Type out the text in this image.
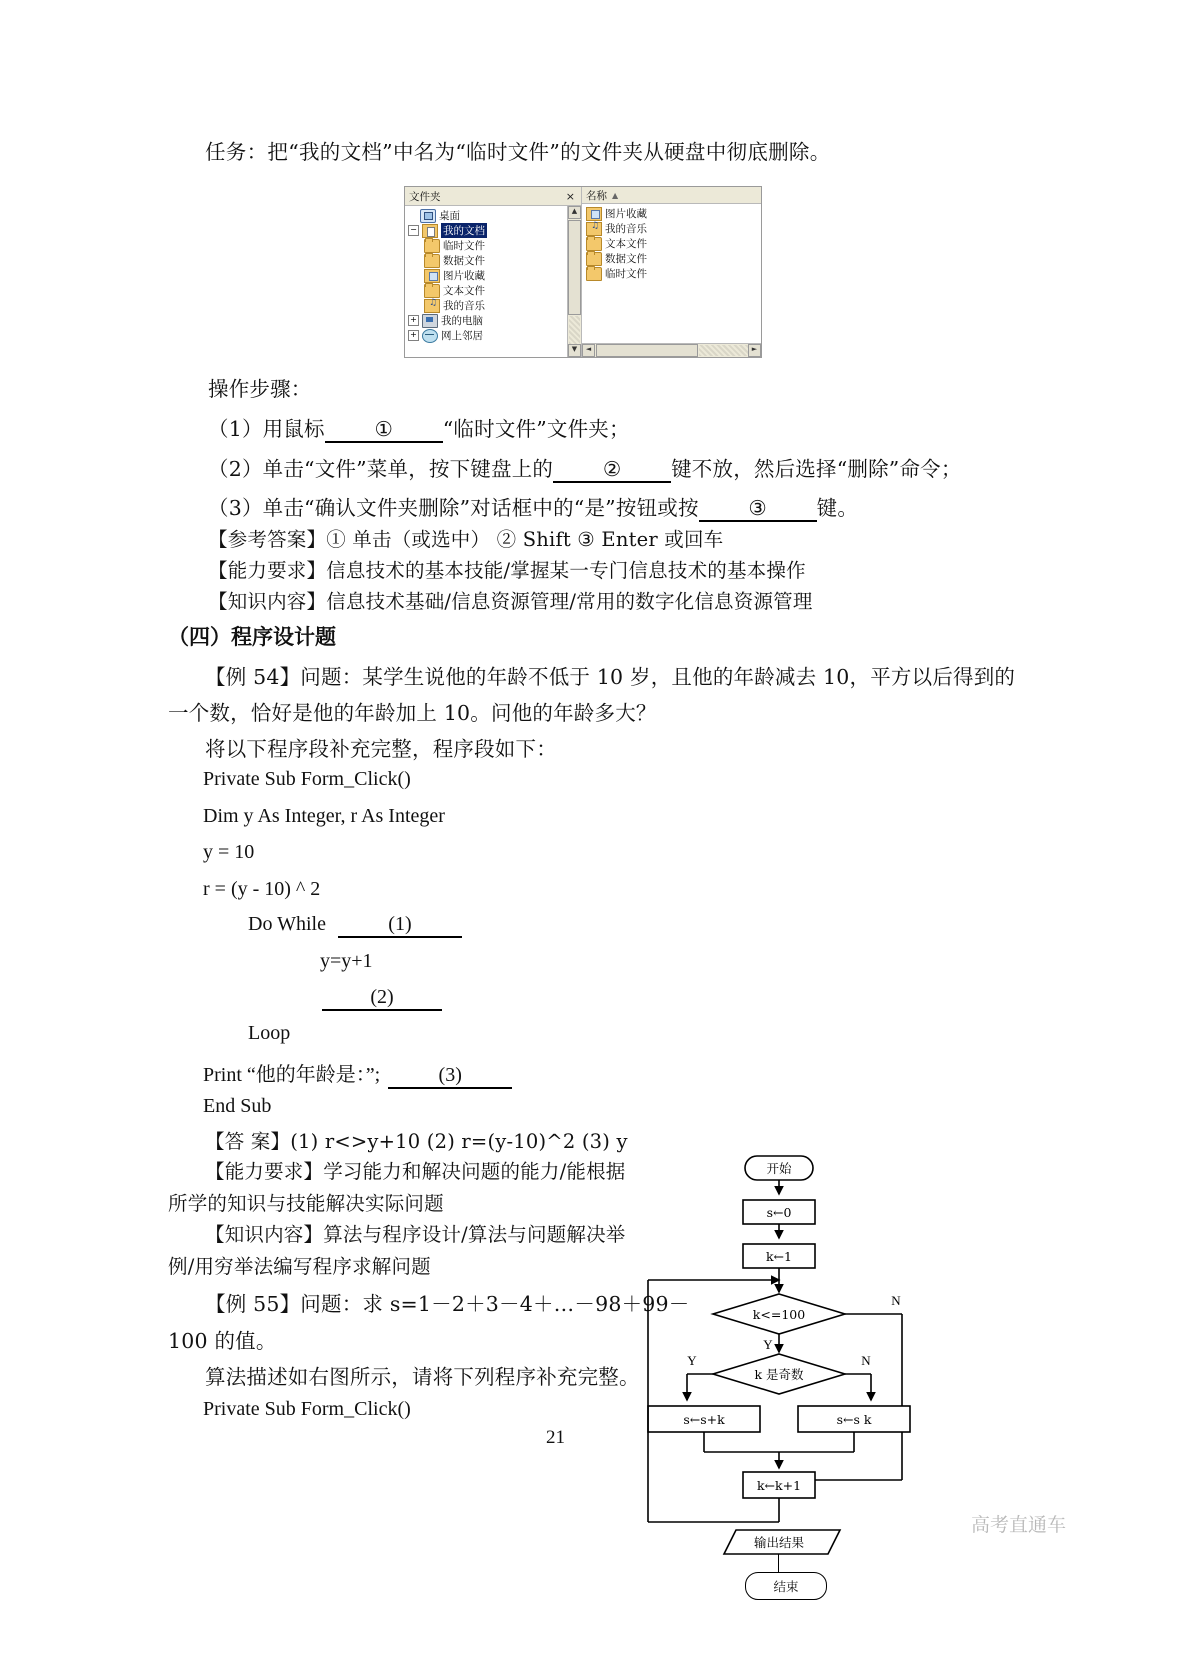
任务：把“我的文档”中名为“临时文件”的文件夹从硬盘中彻底删除。
文件夹	×
桌面
− 我的文档
临时文件
数据文件
图片收藏
文本文件
♫
我的音乐
+ 我的电脑
+ 网上邻居
▲
▼
名称 ▲
图片收藏
♫
我的音乐
文本文件
数据文件
临时文件
◄	►
操作步骤：
（1）用鼠标 ① “临时文件”文件夹；
（2）单击“文件”菜单，按下键盘上的 ② 键不放，然后选择“删除”命令；
（3）单击“确认文件夹删除”对话框中的“是”按钮或按 ③ 键。
【参考答案】① 单击（或选中） ② Shift ③ Enter 或回车
【能力要求】信息技术的基本技能/掌握某一专门信息技术的基本操作
【知识内容】信息技术基础/信息资源管理/常用的数字化信息资源管理
（四）程序设计题
【例 54】问题：某学生说他的年龄不低于 10 岁，且他的年龄减去 10，平方以后得到的
一个数，恰好是他的年龄加上 10。问他的年龄多大？
将以下程序段补充完整，程序段如下：
Private Sub Form_Click()
Dim y As Integer, r As Integer
y = 10
r = (y - 10) ^ 2
Do While	(1)
y=y+1
(2)
Loop
Print “他的年龄是：”;	(3)
End Sub
【答 案】(1) r<>y+10 (2) r=(y-10)^2 (3) y
【能力要求】学习能力和解决问题的能力/能根据
所学的知识与技能解决实际问题
【知识内容】算法与程序设计/算法与问题解决举
例/用穷举法编写程序求解问题
【例 55】问题：求 s=1－2＋3－4＋…－98＋99－
100 的值。
算法描述如右图所示，请将下列程序补充完整。
Private Sub Form_Click()
21
高考直通车
开始
s←0
k←1
k<=100
k 是奇数
s←s+k	s←s k
k←k+1
输出结果
Y
N
Y	N
结束
